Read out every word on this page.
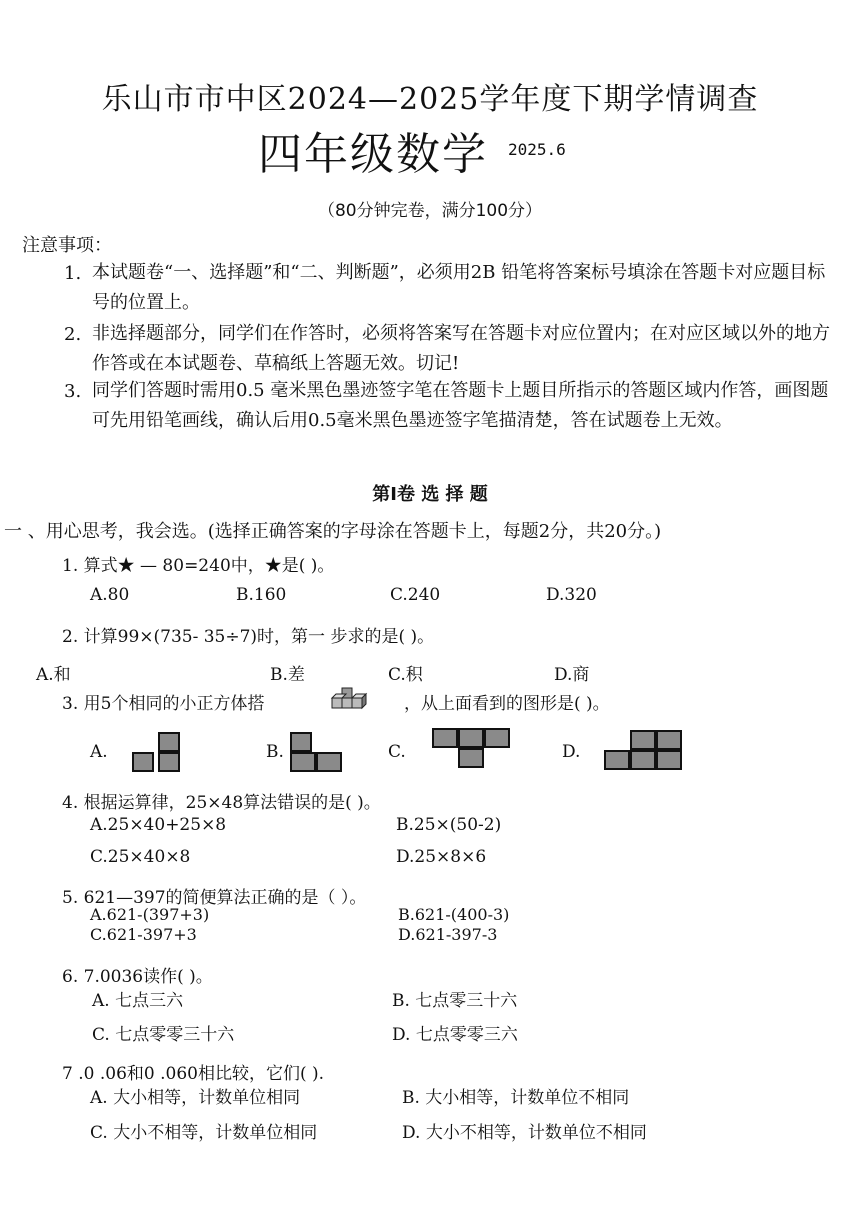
乐山市市中区2024—2025学年度下期学情调查
四年级数学 2025.6
（80分钟完卷，满分100分）
注意事项：
1. 本试题卷“一、选择题”和“二、判断题”，必须用2B 铅笔将答案标号填涂在答题卡对应题目标号的位置上。
2. 非选择题部分，同学们在作答时，必须将答案写在答题卡对应位置内；在对应区域以外的地方作答或在本试题卷、草稿纸上答题无效。切记!
3. 同学们答题时需用0.5 毫米黑色墨迹签字笔在答题卡上题目所指示的答题区域内作答，画图题可先用铅笔画线，确认后用0.5毫米黑色墨迹签字笔描清楚，答在试题卷上无效。
第Ⅰ卷 选 择 题
一 、用心思考，我会选。(选择正确答案的字母涂在答题卡上，每题2分，共20分。)
1. 算式★ — 80=240中，★是( )。
A.80	B.160	C.240	D.320
2. 计算99×(735- 35÷7)时，第一 步求的是( )。
A.和	B.差	C.积	D.商
3. 用5个相同的小正方体搭	，从上面看到的图形是( )。
A.	B.	C.	D.
4. 根据运算律，25×48算法错误的是( )。
A.25×40+25×8	B.25×(50-2)
C.25×40×8	D.25×8×6
5. 621—397的简便算法正确的是（ ）。
A.621-(397+3)	B.621-(400-3)
C.621-397+3	D.621-397-3
6. 7.0036读作( )。
A. 七点三六	B. 七点零三十六
C. 七点零零三十六	D. 七点零零三六
7 .0 .06和0 .060相比较，它们( ).
A. 大小相等，计数单位相同	B. 大小相等，计数单位不相同
C. 大小不相等，计数单位相同	D. 大小不相等，计数单位不相同
